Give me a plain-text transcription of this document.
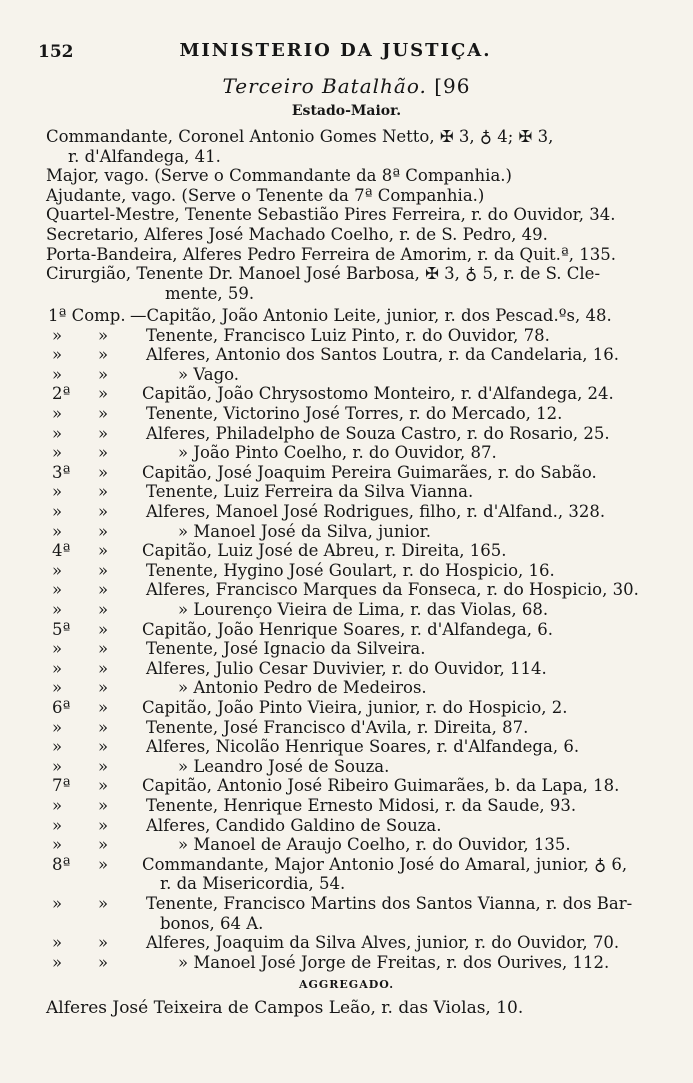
152	MINISTERIO DA JUSTIÇA.
Terceiro Batalhão. [96
Estado-Maior.
Commandante, Coronel Antonio Gomes Netto, ✠ 3, ♁ 4; ✠ 3,
r. d'Alfandega, 41.
Major, vago. (Serve o Commandante da 8ª Companhia.)
Ajudante, vago. (Serve o Tenente da 7ª Companhia.)
Quartel-Mestre, Tenente Sebastião Pires Ferreira, r. do Ouvidor, 34.
Secretario, Alferes José Machado Coelho, r. de S. Pedro, 49.
Porta-Bandeira, Alferes Pedro Ferreira de Amorim, r. da Quit.ª, 135.
Cirurgião, Tenente Dr. Manoel José Barbosa, ✠ 3, ♁ 5, r. de S. Cle-
mente, 59.
1ª Comp. —Capitão, João Antonio Leite, junior, r. dos Pescad.ºs, 48.
» » Tenente, Francisco Luiz Pinto, r. do Ouvidor, 78.
» » Alferes, Antonio dos Santos Loutra, r. da Candelaria, 16.
» »	» Vago.
2ª » Capitão, João Chrysostomo Monteiro, r. d'Alfandega, 24.
» » Tenente, Victorino José Torres, r. do Mercado, 12.
» » Alferes, Philadelpho de Souza Castro, r. do Rosario, 25.
» »	» João Pinto Coelho, r. do Ouvidor, 87.
3ª » Capitão, José Joaquim Pereira Guimarães, r. do Sabão.
» » Tenente, Luiz Ferreira da Silva Vianna.
» » Alferes, Manoel José Rodrigues, filho, r. d'Alfand., 328.
» »	» Manoel José da Silva, junior.
4ª » Capitão, Luiz José de Abreu, r. Direita, 165.
» » Tenente, Hygino José Goulart, r. do Hospicio, 16.
» » Alferes, Francisco Marques da Fonseca, r. do Hospicio, 30.
» »	» Lourenço Vieira de Lima, r. das Violas, 68.
5ª » Capitão, João Henrique Soares, r. d'Alfandega, 6.
» » Tenente, José Ignacio da Silveira.
» » Alferes, Julio Cesar Duvivier, r. do Ouvidor, 114.
» »	» Antonio Pedro de Medeiros.
6ª » Capitão, João Pinto Vieira, junior, r. do Hospicio, 2.
» » Tenente, José Francisco d'Avila, r. Direita, 87.
» » Alferes, Nicolão Henrique Soares, r. d'Alfandega, 6.
» »	» Leandro José de Souza.
7ª » Capitão, Antonio José Ribeiro Guimarães, b. da Lapa, 18.
» » Tenente, Henrique Ernesto Midosi, r. da Saude, 93.
» » Alferes, Candido Galdino de Souza.
» »	» Manoel de Araujo Coelho, r. do Ouvidor, 135.
8ª » Commandante, Major Antonio José do Amaral, junior, ♁ 6,
r. da Misericordia, 54.
» » Tenente, Francisco Martins dos Santos Vianna, r. dos Bar-
bonos, 64 A.
» » Alferes, Joaquim da Silva Alves, junior, r. do Ouvidor, 70.
» »	» Manoel José Jorge de Freitas, r. dos Ourives, 112.
AGGREGADO.
Alferes José Teixeira de Campos Leão, r. das Violas, 10.
